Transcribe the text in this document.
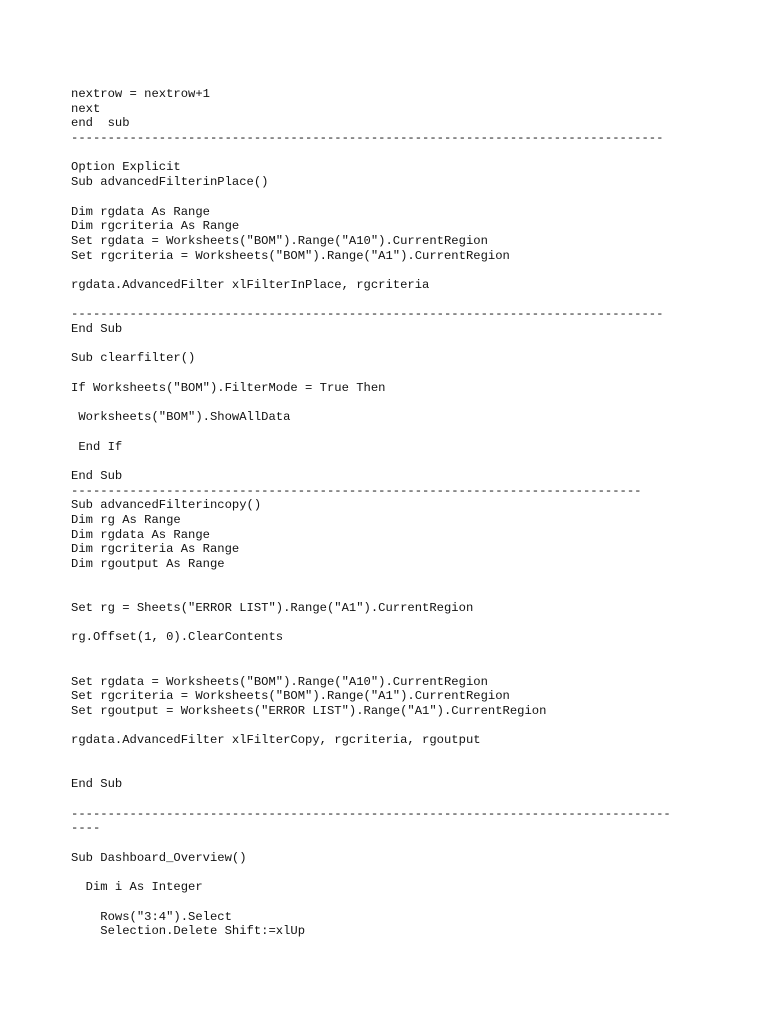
nextrow = nextrow+1
next
end  sub
---------------------------------------------------------------------------------
Option Explicit
Sub advancedFilterinPlace()
Dim rgdata As Range
Dim rgcriteria As Range
Set rgdata = Worksheets("BOM").Range("A10").CurrentRegion
Set rgcriteria = Worksheets("BOM").Range("A1").CurrentRegion
rgdata.AdvancedFilter xlFilterInPlace, rgcriteria
---------------------------------------------------------------------------------
End Sub
Sub clearfilter()
If Worksheets("BOM").FilterMode = True Then
Worksheets("BOM").ShowAllData
End If
End Sub
------------------------------------------------------------------------------
Sub advancedFilterincopy()
Dim rg As Range
Dim rgdata As Range
Dim rgcriteria As Range
Dim rgoutput As Range
Set rg = Sheets("ERROR LIST").Range("A1").CurrentRegion
rg.Offset(1, 0).ClearContents
Set rgdata = Worksheets("BOM").Range("A10").CurrentRegion
Set rgcriteria = Worksheets("BOM").Range("A1").CurrentRegion
Set rgoutput = Worksheets("ERROR LIST").Range("A1").CurrentRegion
rgdata.AdvancedFilter xlFilterCopy, rgcriteria, rgoutput
End Sub
----------------------------------------------------------------------------------
----
Sub Dashboard_Overview()
Dim i As Integer
Rows("3:4").Select
Selection.Delete Shift:=xlUp
